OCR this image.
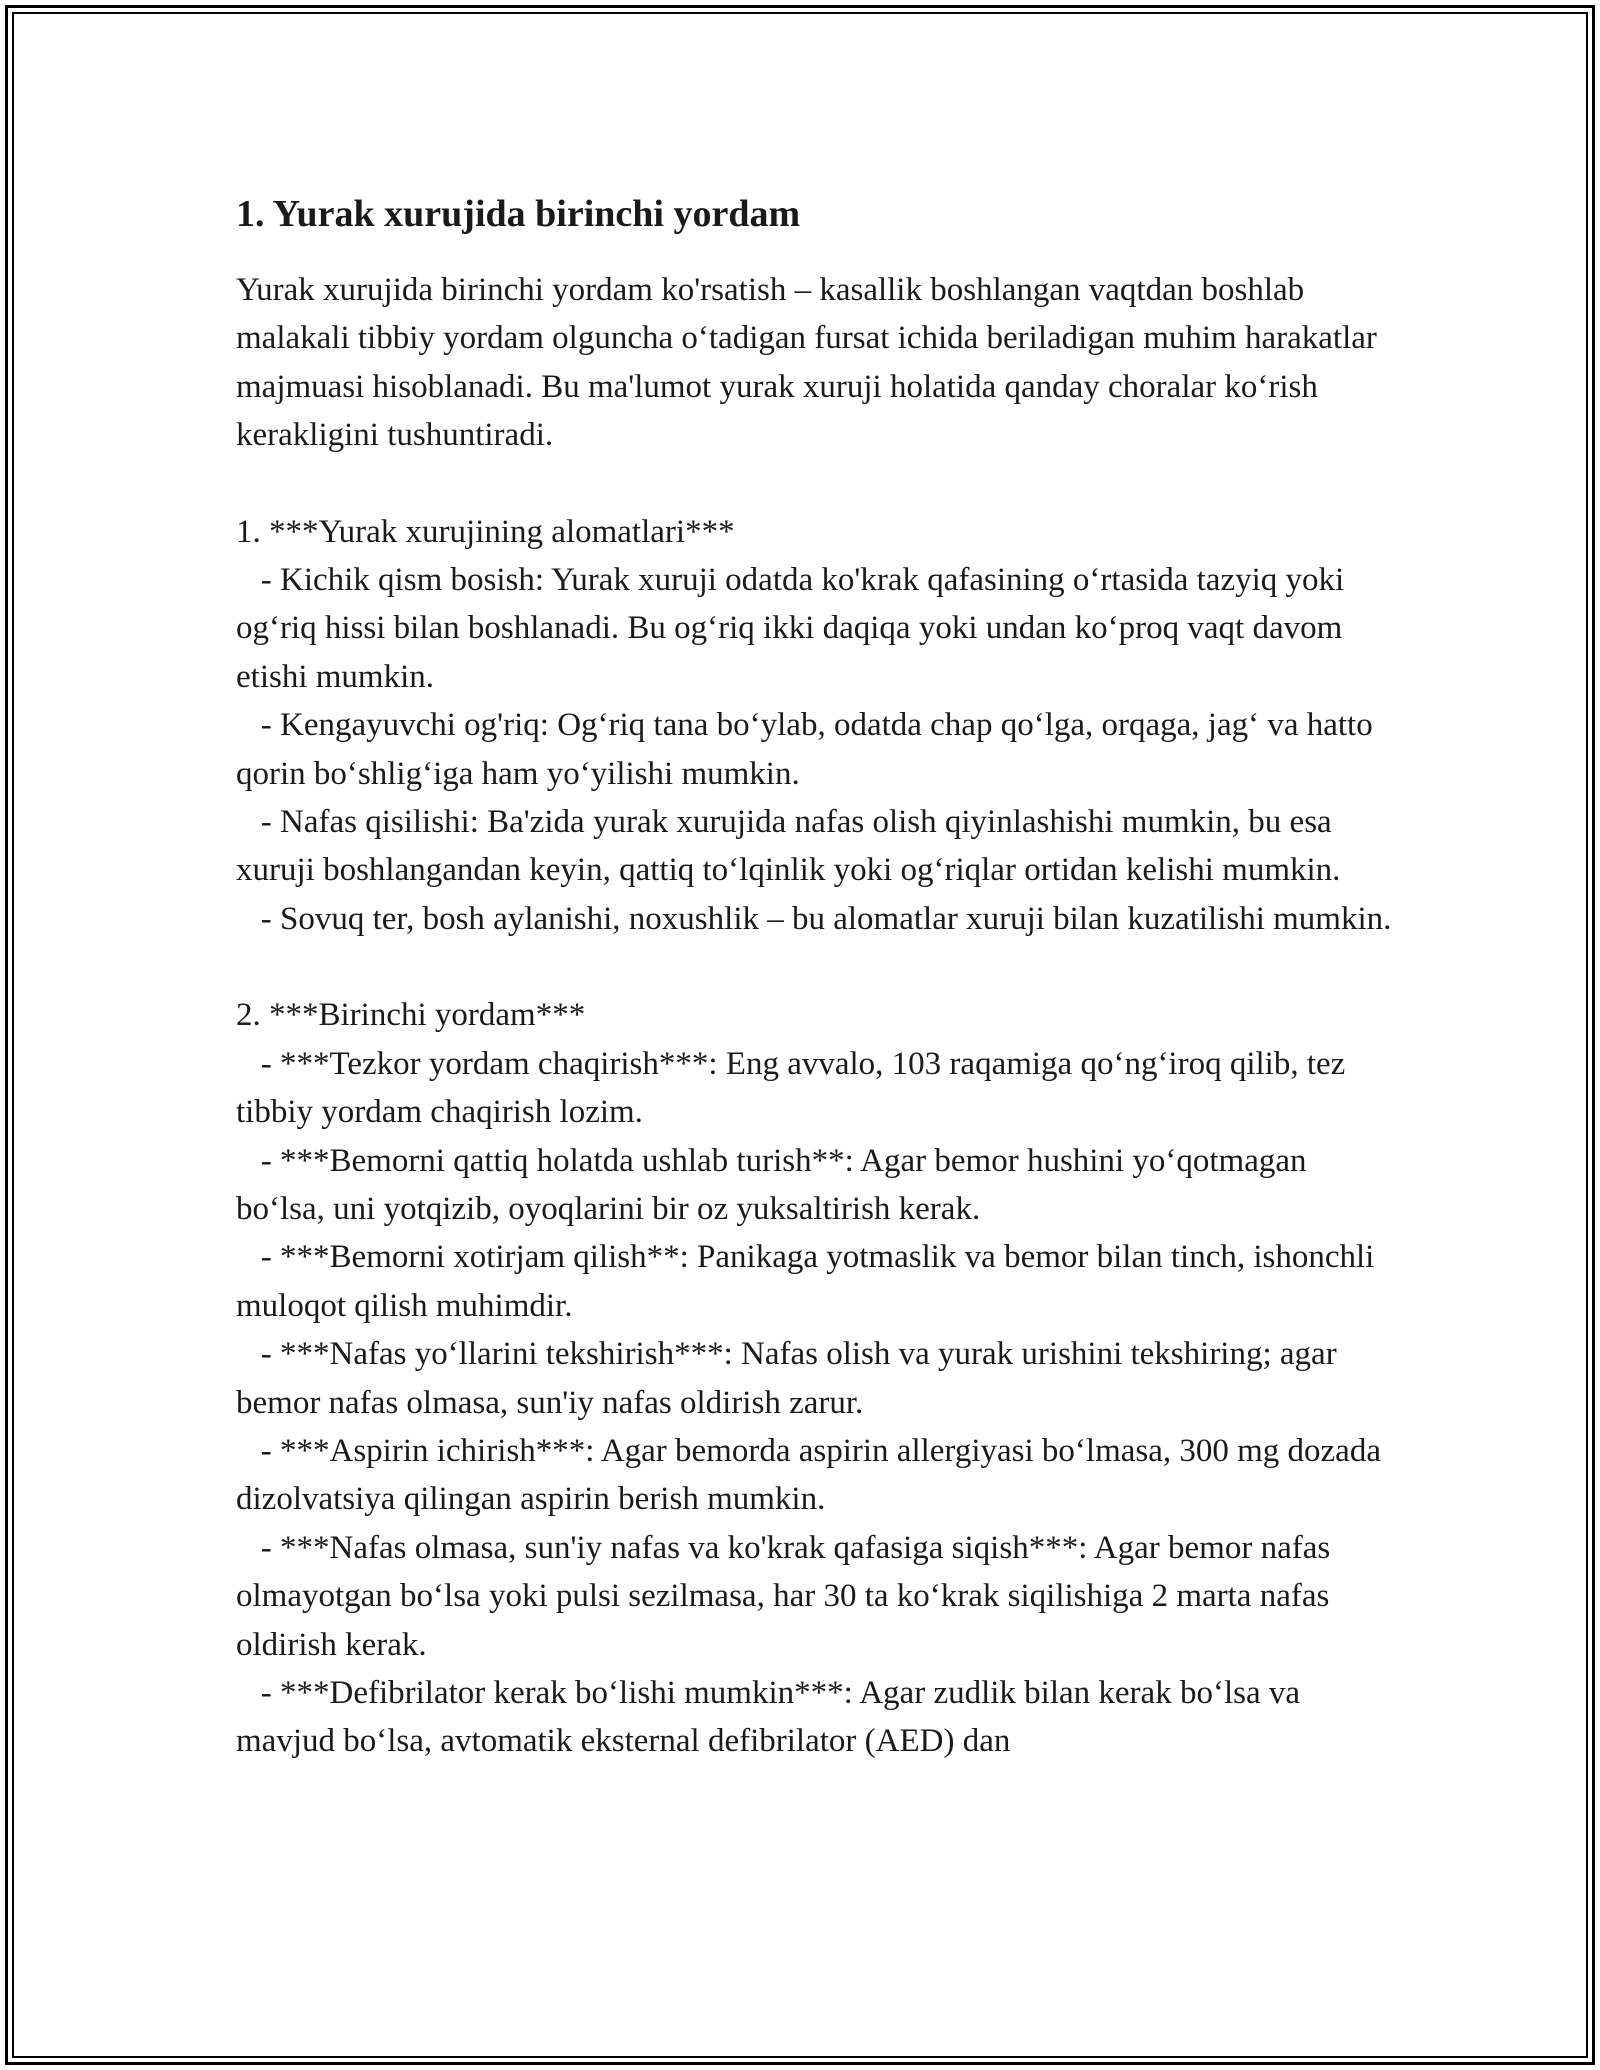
1. Yurak xurujida birinchi yordam

Yurak xurujida birinchi yordam ko'rsatish – kasallik boshlangan vaqtdan boshlab malakali tibbiy yordam olguncha oʻtadigan fursat ichida beriladigan muhim harakatlar majmuasi hisoblanadi. Bu ma'lumot yurak xuruji holatida qanday choralar koʻrish kerakligini tushuntiradi.

1. ***Yurak xurujining alomatlari***

- Kichik qism bosish: Yurak xuruji odatda ko'krak qafasining oʻrtasida tazyiq yoki ogʻriq hissi bilan boshlanadi. Bu ogʻriq ikki daqiqa yoki undan koʻproq vaqt davom etishi mumkin.
- Kengayuvchi og'riq: Ogʻriq tana boʻylab, odatda chap qoʻlga, orqaga, jagʻ va hatto qorin boʻshligʻiga ham yoʻyilishi mumkin.
- Nafas qisilishi: Ba'zida yurak xurujida nafas olish qiyinlashishi mumkin, bu esa xuruji boshlangandan keyin, qattiq toʻlqinlik yoki ogʻriqlar ortidan kelishi mumkin.
- Sovuq ter, bosh aylanishi, noxushlik – bu alomatlar xuruji bilan kuzatilishi mumkin.

2. ***Birinchi yordam***

- ***Tezkor yordam chaqirish***: Eng avvalo, 103 raqamiga qoʻngʻiroq qilib, tez tibbiy yordam chaqirish lozim.
- ***Bemorni qattiq holatda ushlab turish**: Agar bemor hushini yoʻqotmagan boʻlsa, uni yotqizib, oyoqlarini bir oz yuksaltirish kerak.
- ***Bemorni xotirjam qilish**: Panikaga yotmaslik va bemor bilan tinch, ishonchli muloqot qilish muhimdir.
- ***Nafas yoʻllarini tekshirish***: Nafas olish va yurak urishini tekshiring; agar bemor nafas olmasa, sun'iy nafas oldirish zarur.
- ***Aspirin ichirish***: Agar bemorda aspirin allergiyasi boʻlmasa, 300 mg dozada dizolvatsiya qilingan aspirin berish mumkin.
- ***Nafas olmasa, sun'iy nafas va ko'krak qafasiga siqish***: Agar bemor nafas olmayotgan boʻlsa yoki pulsi sezilmasa, har 30 ta koʻkrak siqilishiga 2 marta nafas oldirish kerak.
- ***Defibrilator kerak boʻlishi mumkin***: Agar zudlik bilan kerak boʻlsa va mavjud boʻlsa, avtomatik eksternal defibrilator (AED) dan
